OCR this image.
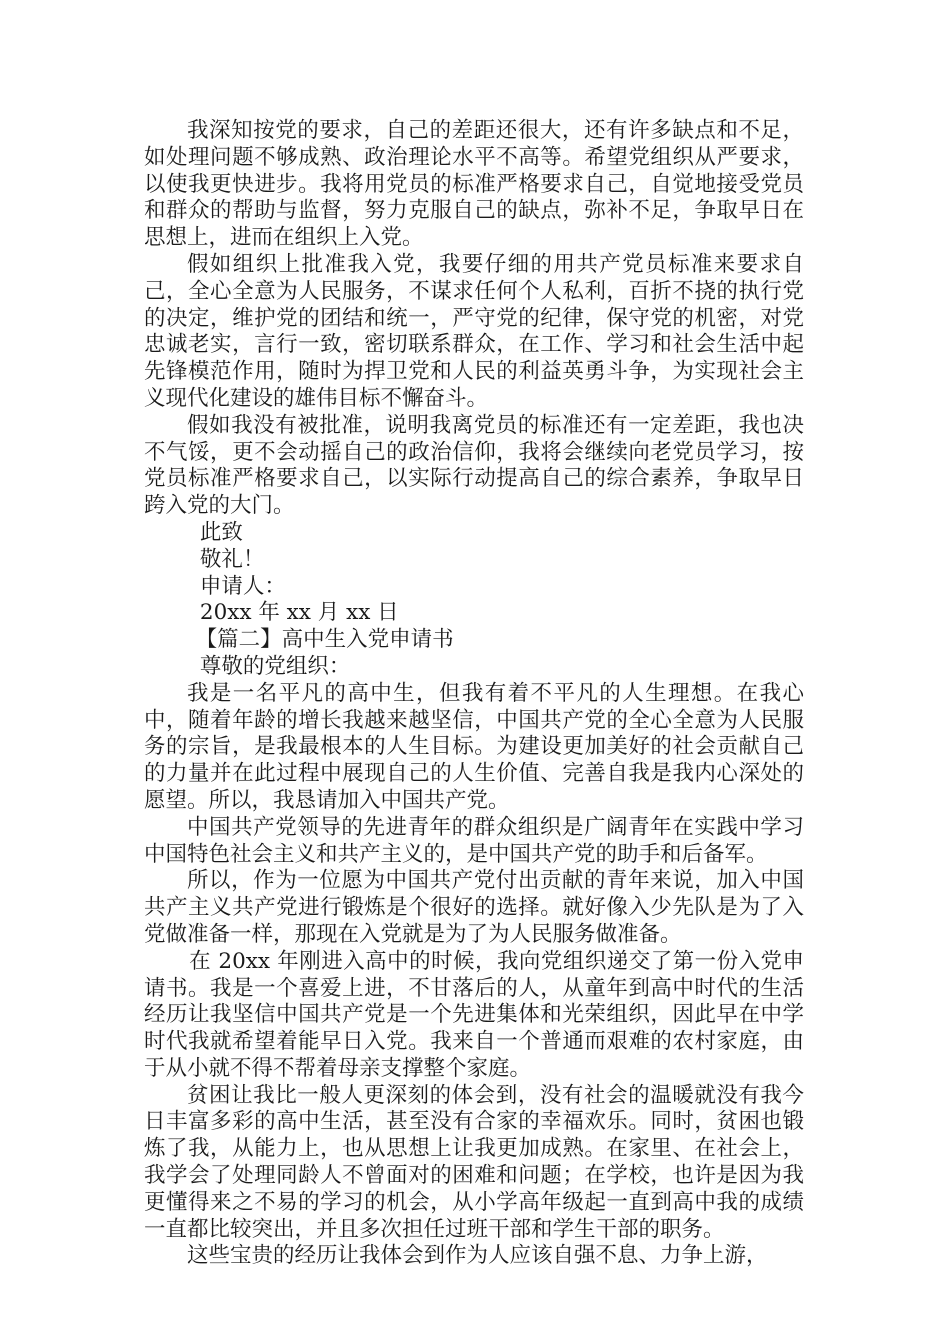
我深知按党的要求，自己的差距还很大，还有许多缺点和不足，如处理问题不够成熟、政治理论水平不高等。希望党组织从严要求，以使我更快进步。我将用党员的标准严格要求自己，自觉地接受党员和群众的帮助与监督，努力克服自己的缺点，弥补不足，争取早日在思想上，进而在组织上入党。

假如组织上批准我入党，我要仔细的用共产党员标准来要求自己，全心全意为人民服务，不谋求任何个人私利，百折不挠的执行党的决定，维护党的团结和统一，严守党的纪律，保守党的机密，对党忠诚老实，言行一致，密切联系群众，在工作、学习和社会生活中起先锋模范作用，随时为捍卫党和人民的利益英勇斗争，为实现社会主义现代化建设的雄伟目标不懈奋斗。

假如我没有被批准，说明我离党员的标准还有一定差距，我也决不气馁，更不会动摇自己的政治信仰，我将会继续向老党员学习，按党员标准严格要求自己，以实际行动提高自己的综合素养，争取早日跨入党的大门。

此致

敬礼！

申请人：

20xx 年 xx 月 xx 日

【篇二】高中生入党申请书

尊敬的党组织：

我是一名平凡的高中生，但我有着不平凡的人生理想。在我心中，随着年龄的增长我越来越坚信，中国共产党的全心全意为人民服务的宗旨，是我最根本的人生目标。为建设更加美好的社会贡献自己的力量并在此过程中展现自己的人生价值、完善自我是我内心深处的愿望。所以，我恳请加入中国共产党。

中国共产党领导的先进青年的群众组织是广阔青年在实践中学习中国特色社会主义和共产主义的，是中国共产党的助手和后备军。

所以，作为一位愿为中国共产党付出贡献的青年来说，加入中国共产主义共产党进行锻炼是个很好的选择。就好像入少先队是为了入党做准备一样，那现在入党就是为了为人民服务做准备。

在 20xx 年刚进入高中的时候，我向党组织递交了第一份入党申请书。我是一个喜爱上进，不甘落后的人，从童年到高中时代的生活经历让我坚信中国共产党是一个先进集体和光荣组织，因此早在中学时代我就希望着能早日入党。我来自一个普通而艰难的农村家庭，由于从小就不得不帮着母亲支撑整个家庭。

贫困让我比一般人更深刻的体会到，没有社会的温暖就没有我今日丰富多彩的高中生活，甚至没有合家的幸福欢乐。同时，贫困也锻炼了我，从能力上，也从思想上让我更加成熟。在家里、在社会上，我学会了处理同龄人不曾面对的困难和问题；在学校，也许是因为我更懂得来之不易的学习的机会，从小学高年级起一直到高中我的成绩一直都比较突出，并且多次担任过班干部和学生干部的职务。

这些宝贵的经历让我体会到作为人应该自强不息、力争上游，
